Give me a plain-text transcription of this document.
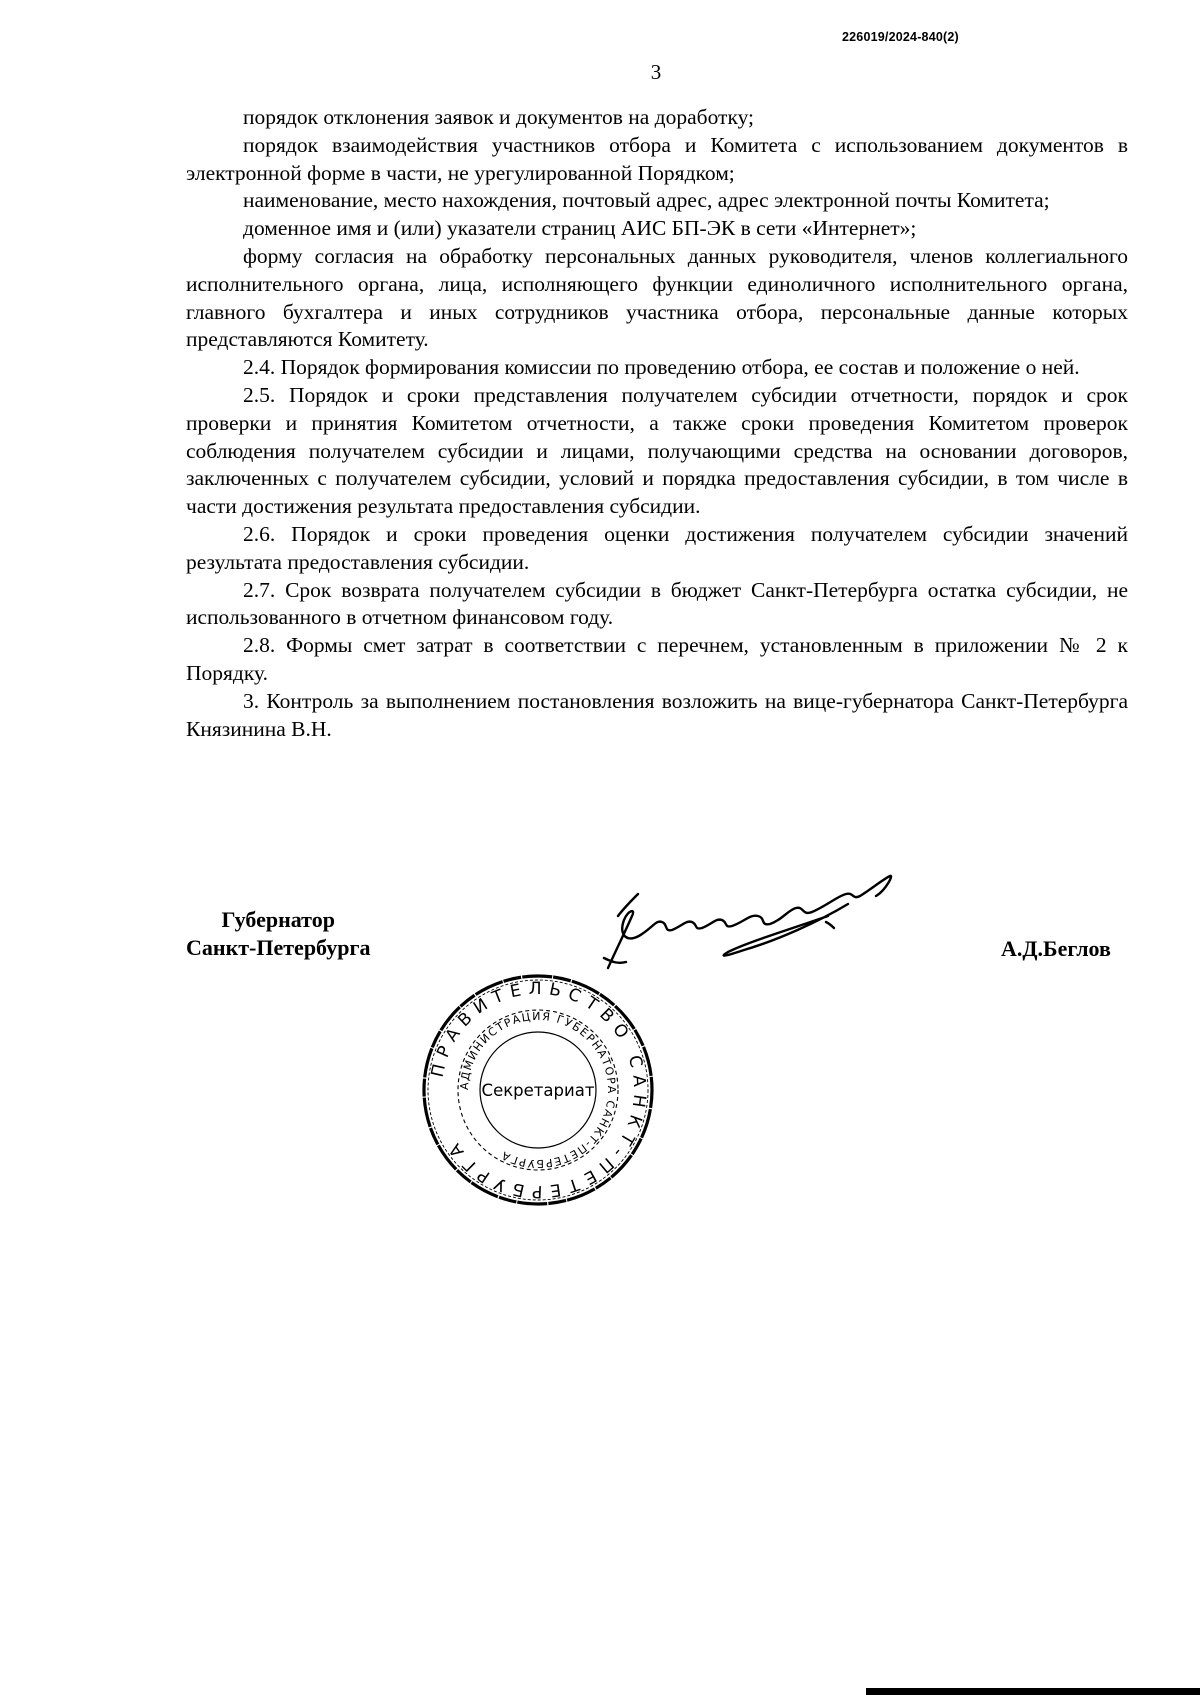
226019/2024-840(2)
3

порядок отклонения заявок и документов на доработку;

порядок взаимодействия участников отбора и Комитета с использованием документов в электронной форме в части, не урегулированной Порядком;

наименование, место нахождения, почтовый адрес, адрес электронной почты Комитета;

доменное имя и (или) указатели страниц АИС БП-ЭК в сети «Интернет»;

форму согласия на обработку персональных данных руководителя, членов коллегиального исполнительного органа, лица, исполняющего функции единоличного исполнительного органа, главного бухгалтера и иных сотрудников участника отбора, персональные данные которых представляются Комитету.

2.4. Порядок формирования комиссии по проведению отбора, ее состав и положение о ней.

2.5. Порядок и сроки представления получателем субсидии отчетности, порядок и срок проверки и принятия Комитетом отчетности, а также сроки проведения Комитетом проверок соблюдения получателем субсидии и лицами, получающими средства на основании договоров, заключенных с получателем субсидии, условий и порядка предоставления субсидии, в том числе в части достижения результата предоставления субсидии.

2.6. Порядок и сроки проведения оценки достижения получателем субсидии значений результата предоставления субсидии.

2.7. Срок возврата получателем субсидии в бюджет Санкт-Петербурга остатка субсидии, не использованного в отчетном финансовом году.

2.8. Формы смет затрат в соответствии с перечнем, установленным в приложении № 2 к Порядку.

3. Контроль за выполнением постановления возложить на вице-губернатора Санкт-Петербурга Князинина В.Н.

Губернатор
Санкт-Петербурга	А.Д.Беглов
ПРАВИТЕЛЬСТВО САНКТ-ПЕТЕРБУРГА
АДМИНИСТРАЦИЯ ГУБЕРНАТОРА САНКТ-ПЕТЕРБУРГА
Секретариат
